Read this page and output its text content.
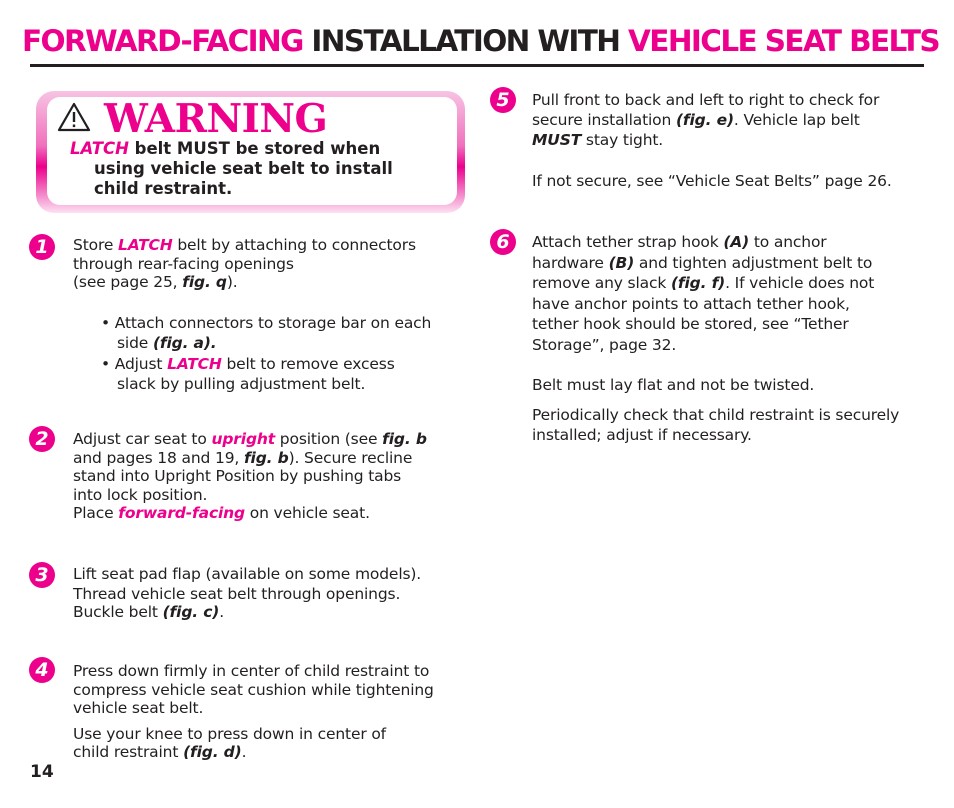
FORWARD-FACING INSTALLATION WITH VEHICLE SEAT BELTS
WARNING
LATCH belt MUST be stored when
using vehicle seat belt to install
child restraint.
1	Store LATCH belt by attaching to connectors

through rear-facing openings

(see page 25, fig. q).

• Attach connectors to storage bar on each

side (fig. a).

• Adjust LATCH belt to remove excess

slack by pulling adjustment belt.

2	Adjust car seat to upright position (see fig. b

and pages 18 and 19, fig. b). Secure recline

stand into Upright Position by pushing tabs

into lock position.

Place forward-facing on vehicle seat.

3	Lift seat pad flap (available on some models).

Thread vehicle seat belt through openings.

Buckle belt (fig. c).

4	Press down firmly in center of child restraint to

compress vehicle seat cushion while tightening

vehicle seat belt.

Use your knee to press down in center of

child restraint (fig. d).

5	Pull front to back and left to right to check for

secure installation (fig. e). Vehicle lap belt

MUST stay tight.

If not secure, see “Vehicle Seat Belts” page 26.

6	Attach tether strap hook (A) to anchor

hardware (B) and tighten adjustment belt to

remove any slack (fig. f). If vehicle does not

have anchor points to attach tether hook,

tether hook should be stored, see “Tether

Storage”, page 32.

Belt must lay flat and not be twisted.

Periodically check that child restraint is securely

installed; adjust if necessary.

14
